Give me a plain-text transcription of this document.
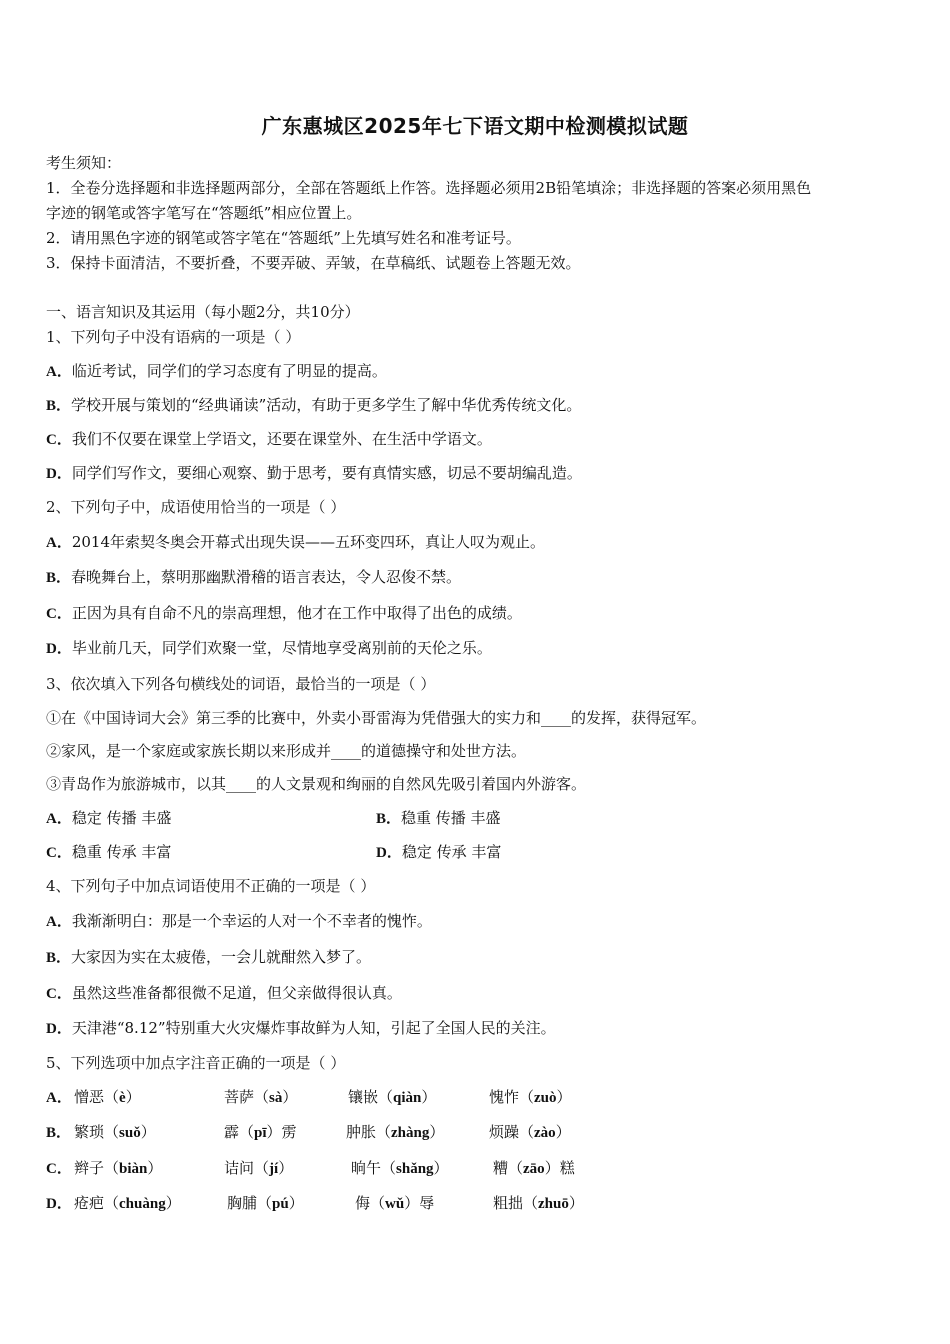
广东惠城区2025年七下语文期中检测模拟试题
考生须知：
1．全卷分选择题和非选择题两部分，全部在答题纸上作答。选择题必须用2B铅笔填涂；非选择题的答案必须用黑色
字迹的钢笔或答字笔写在“答题纸”相应位置上。
2．请用黑色字迹的钢笔或答字笔在“答题纸”上先填写姓名和准考证号。
3．保持卡面清洁，不要折叠，不要弄破、弄皱，在草稿纸、试题卷上答题无效。
一、语言知识及其运用（每小题2分，共10分）
1、下列句子中没有语病的一项是（ ）
A．临近考试，同学们的学习态度有了明显的提高。
B．学校开展与策划的“经典诵读”活动，有助于更多学生了解中华优秀传统文化。
C．我们不仅要在课堂上学语文，还要在课堂外、在生活中学语文。
D．同学们写作文，要细心观察、勤于思考，要有真情实感，切忌不要胡编乱造。
2、下列句子中，成语使用恰当的一项是（ ）
A．2014年索契冬奥会开幕式出现失误——五环变四环，真让人叹为观止。
B．春晚舞台上，蔡明那幽默滑稽的语言表达，令人忍俊不禁。
C．正因为具有自命不凡的崇高理想，他才在工作中取得了出色的成绩。
D．毕业前几天，同学们欢聚一堂，尽情地享受离别前的天伦之乐。
3、依次填入下列各句横线处的词语，最恰当的一项是（ ）
①在《中国诗词大会》第三季的比赛中，外卖小哥雷海为凭借强大的实力和____的发挥，获得冠军。
②家风，是一个家庭或家族长期以来形成并____的道德操守和处世方法。
③青岛作为旅游城市，以其____的人文景观和绚丽的自然风先吸引着国内外游客。
A．稳定 传播 丰盛	B．稳重 传播 丰盛
C．稳重 传承 丰富	D．稳定 传承 丰富
4、下列句子中加点词语使用不正确的一项是（ ）
A．我渐渐明白：那是一个幸运的人对一个不幸者的愧怍。
B．大家因为实在太疲倦，一会儿就酣然入梦了。
C．虽然这些准备都很微不足道，但父亲做得很认真。
D．天津港“8.12”特别重大火灾爆炸事故鲜为人知，引起了全国人民的关注。
5、下列选项中加点字注音正确的一项是（ ）
A． 憎恶（è）	菩萨（sà）	镶嵌（qiàn）	愧怍（zuò）
B． 繁琐（suǒ）	霹（pī）雳	肿胀（zhàng）	烦躁（zào）
C． 辫子（biàn）	诘问（jí）	晌午（shǎng）	糟（zāo）糕
D． 疮疤（chuàng）	胸脯（pú）	侮（wǔ）辱	粗拙（zhuō）
